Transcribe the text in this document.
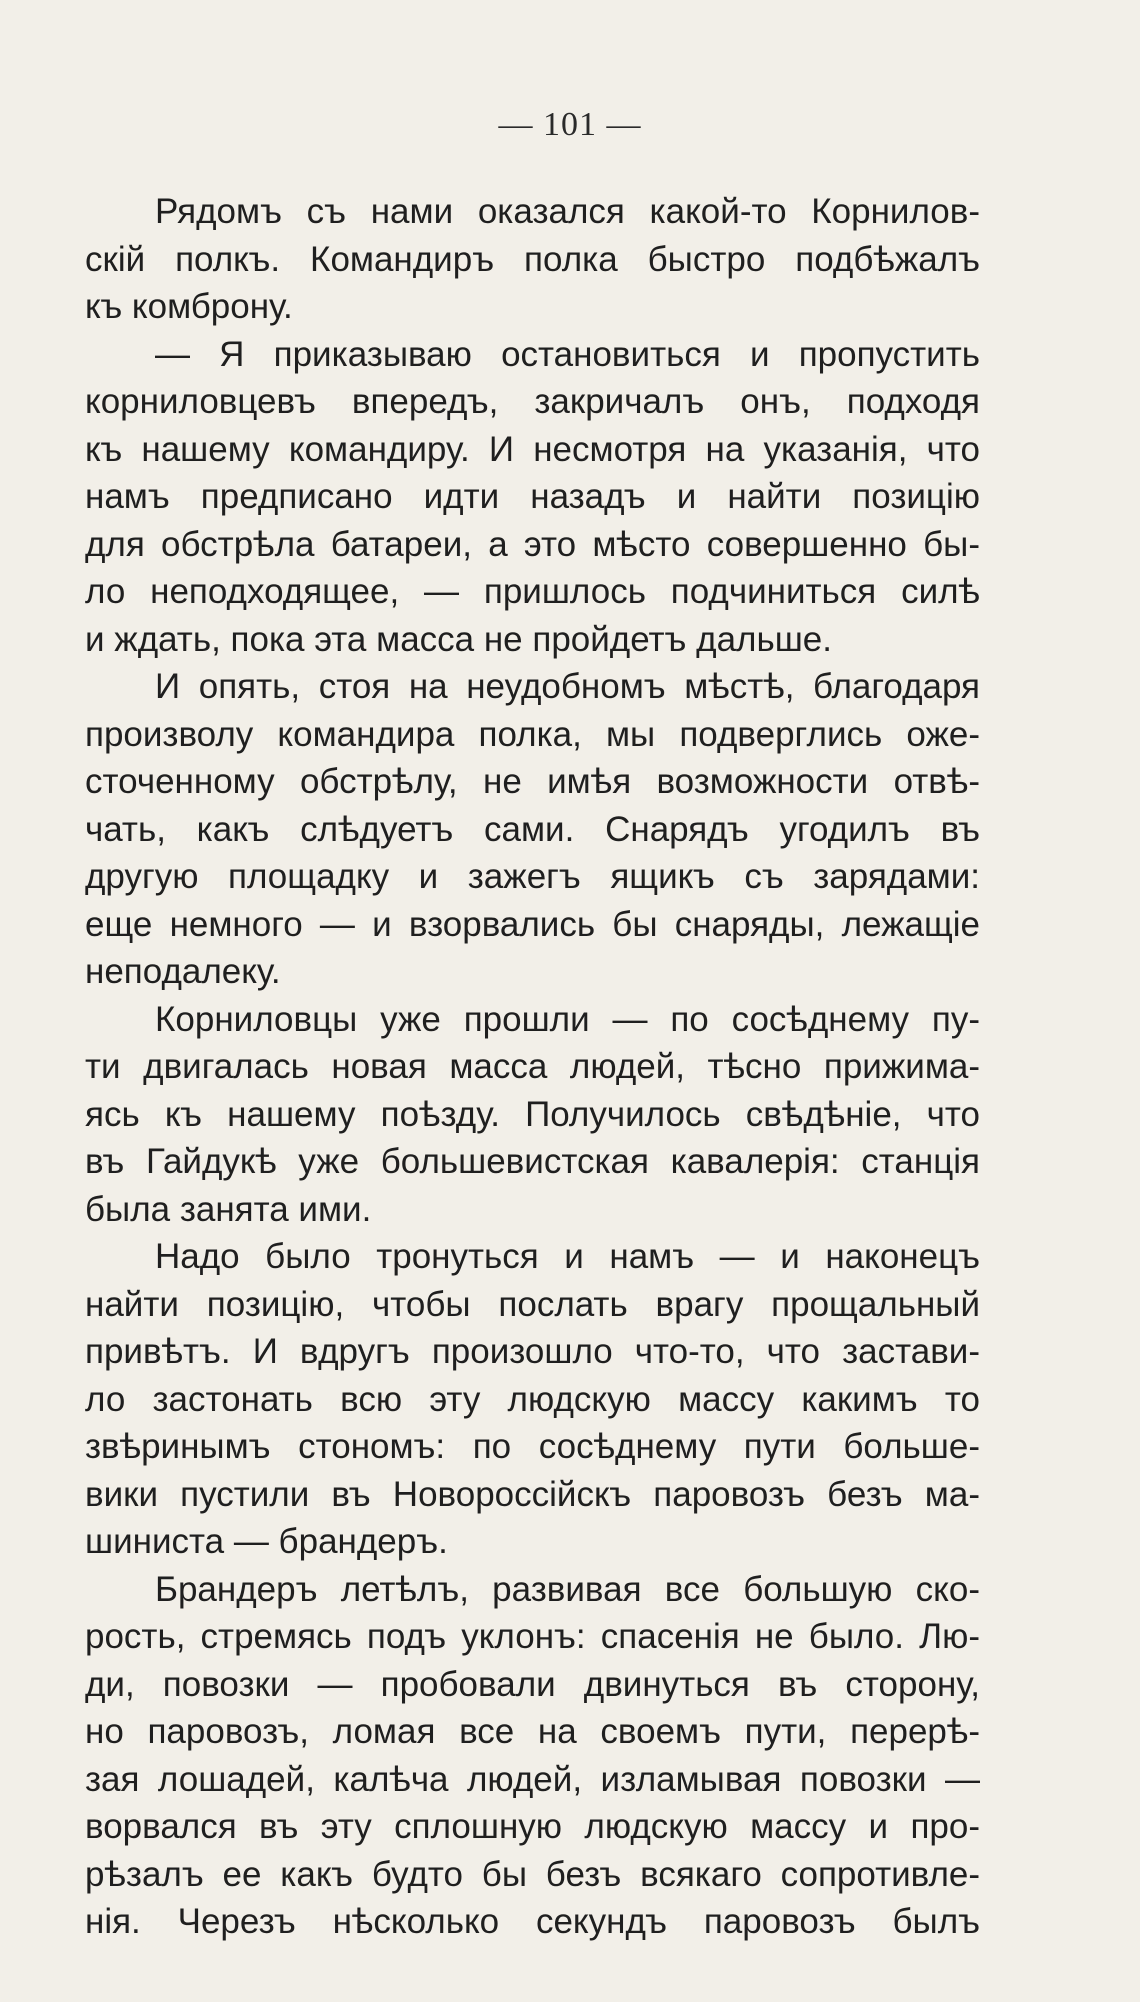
— 101 —
Рядомъ съ нами оказался какой-то Корнилов-
скій полкъ. Командиръ полка быстро подбѣжалъ
къ комброну.
— Я приказываю остановиться и пропустить
корниловцевъ впередъ, закричалъ онъ, подходя
къ нашему командиру. И несмотря на указанія, что
намъ предписано идти назадъ и найти позицію
для обстрѣла батареи, а это мѣсто совершенно бы-
ло неподходящее, — пришлось подчиниться силѣ
и ждать, пока эта масса не пройдетъ дальше.
И опять, стоя на неудобномъ мѣстѣ, благодаря
произволу командира полка, мы подверглись оже-
сточенному обстрѣлу, не имѣя возможности отвѣ-
чать, какъ слѣдуетъ сами. Снарядъ угодилъ въ
другую площадку и зажегъ ящикъ съ зарядами:
еще немного — и взорвались бы снаряды, лежащіе
неподалеку.
Корниловцы уже прошли — по сосѣднему пу-
ти двигалась новая масса людей, тѣсно прижима-
ясь къ нашему поѣзду. Получилось свѣдѣніе, что
въ Гайдукѣ уже большевистская кавалерія: станція
была занята ими.
Надо было тронуться и намъ — и наконецъ
найти позицію, чтобы послать врагу прощальный
привѣтъ. И вдругъ произошло что-то, что застави-
ло застонать всю эту людскую массу какимъ то
звѣринымъ стономъ: по сосѣднему пути больше-
вики пустили въ Новороссійскъ паровозъ безъ ма-
шиниста — брандеръ.
Брандеръ летѣлъ, развивая все большую ско-
рость, стремясь подъ уклонъ: спасенія не было. Лю-
ди, повозки — пробовали двинуться въ сторону,
но паровозъ, ломая все на своемъ пути, перерѣ-
зая лошадей, калѣча людей, изламывая повозки —
ворвался въ эту сплошную людскую массу и про-
рѣзалъ ее какъ будто бы безъ всякаго сопротивле-
нія. Черезъ нѣсколько секундъ паровозъ былъ
